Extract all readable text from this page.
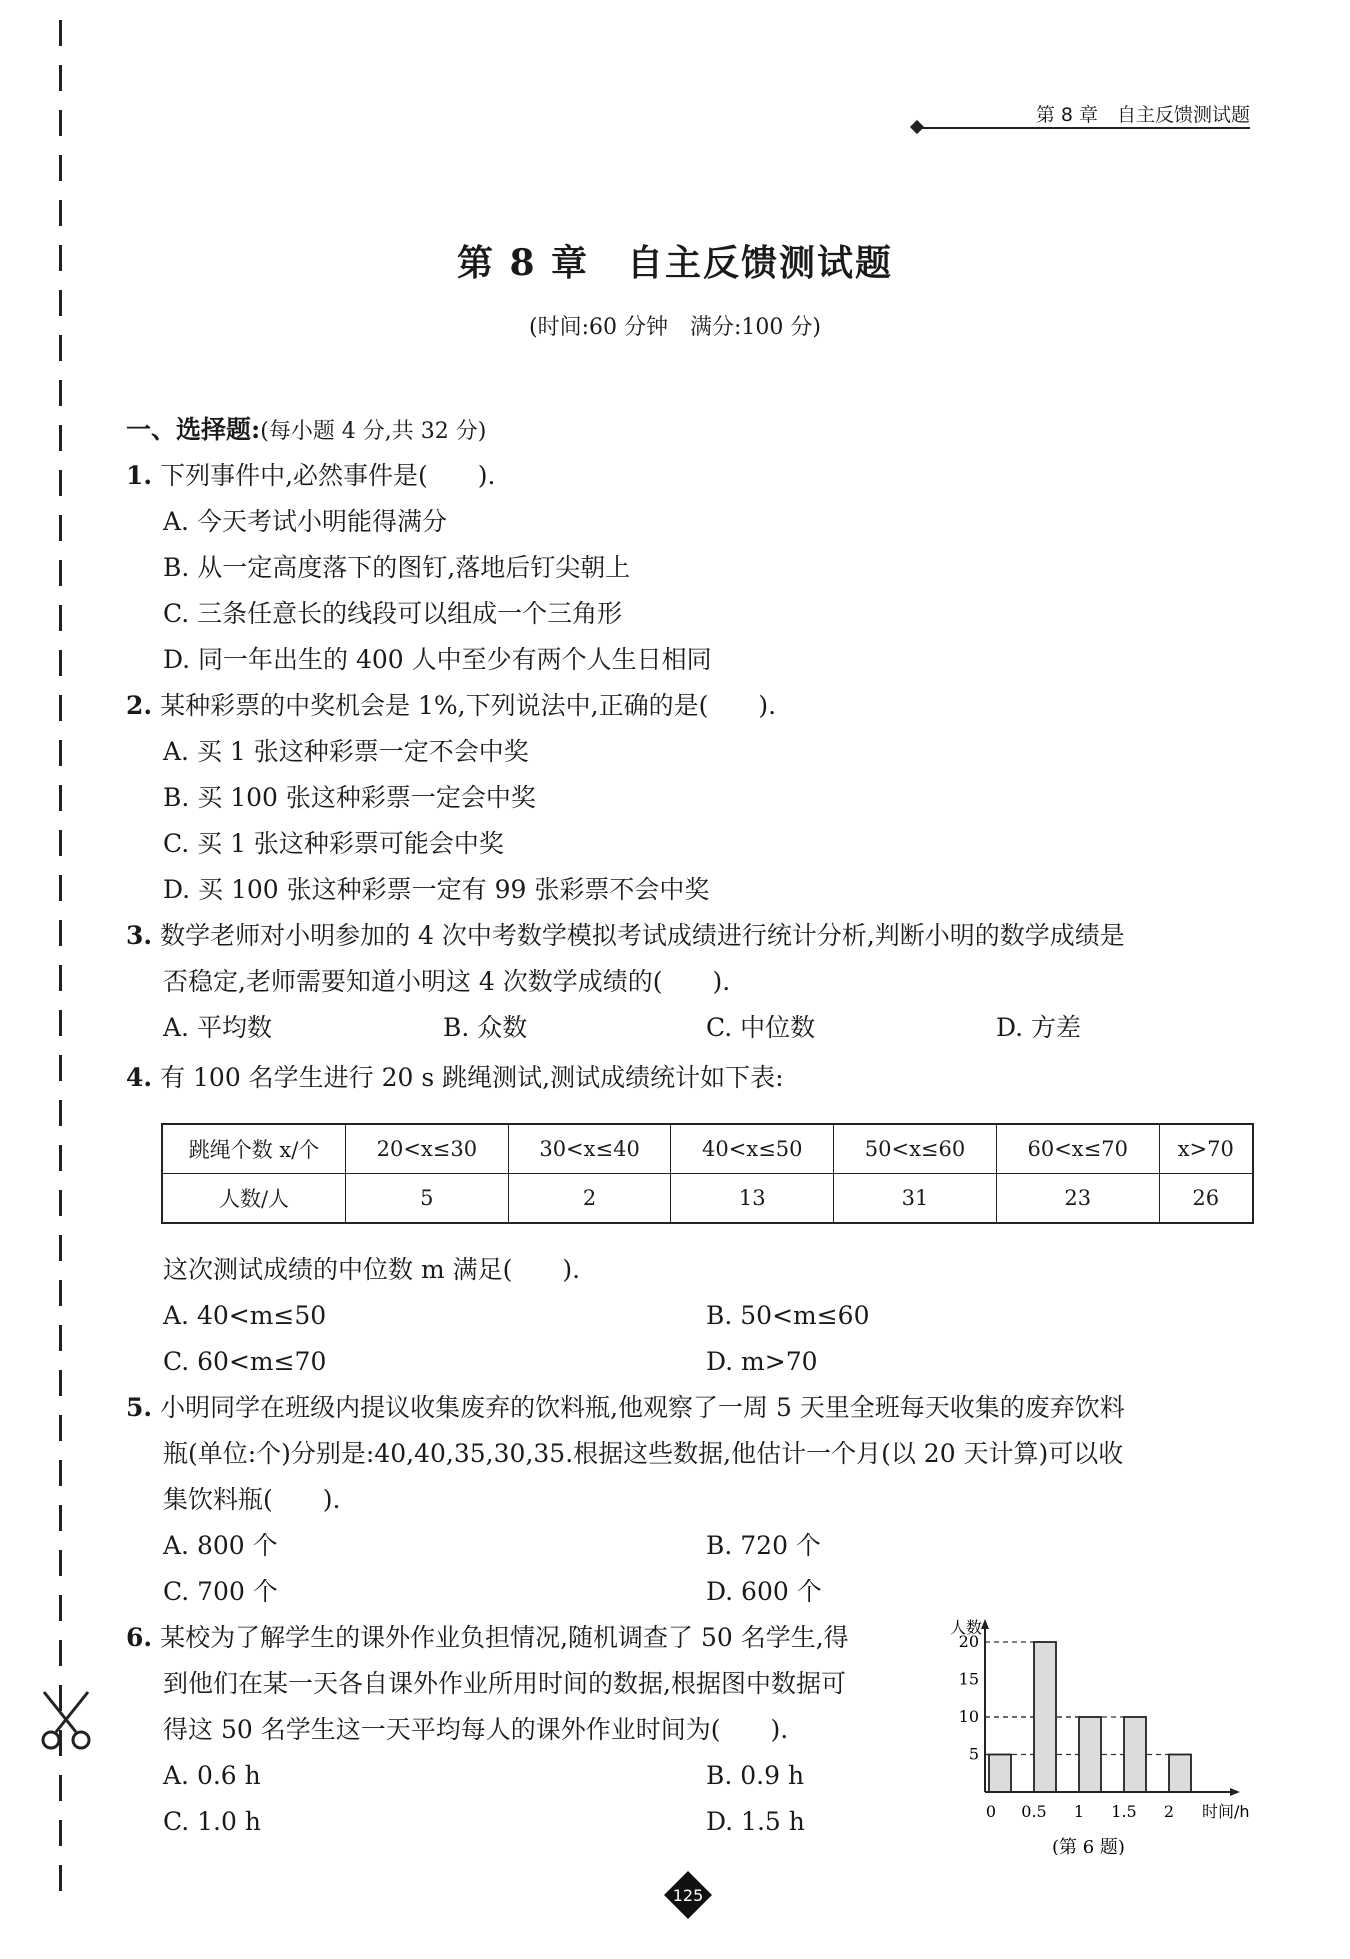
第 8 章　自主反馈测试题
第 8 章　自主反馈测试题
(时间:60 分钟　满分:100 分)
一、选择题:(每小题 4 分,共 32 分)
1. 下列事件中,必然事件是(　　).
A. 今天考试小明能得满分
B. 从一定高度落下的图钉,落地后钉尖朝上
C. 三条任意长的线段可以组成一个三角形
D. 同一年出生的 400 人中至少有两个人生日相同
2. 某种彩票的中奖机会是 1%,下列说法中,正确的是(　　).
A. 买 1 张这种彩票一定不会中奖
B. 买 100 张这种彩票一定会中奖
C. 买 1 张这种彩票可能会中奖
D. 买 100 张这种彩票一定有 99 张彩票不会中奖
3. 数学老师对小明参加的 4 次中考数学模拟考试成绩进行统计分析,判断小明的数学成绩是
否稳定,老师需要知道小明这 4 次数学成绩的(　　).
A. 平均数	B. 众数	C. 中位数	D. 方差
4. 有 100 名学生进行 20 s 跳绳测试,测试成绩统计如下表:
跳绳个数 x/个	20<x≤30	30<x≤40	40<x≤50	50<x≤60	60<x≤70	x>70
人数/人	5	2	13	31	23	26
这次测试成绩的中位数 m 满足(　　).
A. 40<m≤50	B. 50<m≤60
C. 60<m≤70	D. m>70
5. 小明同学在班级内提议收集废弃的饮料瓶,他观察了一周 5 天里全班每天收集的废弃饮料
瓶(单位:个)分别是:40,40,35,30,35.根据这些数据,他估计一个月(以 20 天计算)可以收
集饮料瓶(　　).
A. 800 个	B. 720 个
C. 700 个	D. 600 个
6. 某校为了解学生的课外作业负担情况,随机调查了 50 名学生,得
到他们在某一天各自课外作业所用时间的数据,根据图中数据可
得这 50 名学生这一天平均每人的课外作业时间为(　　).
A. 0.6 h	B. 0.9 h
C. 1.0 h	D. 1.5 h
人数
时间/h
0 0.5 1 1.5 2
5
10
15
20
(第 6 题)
125
